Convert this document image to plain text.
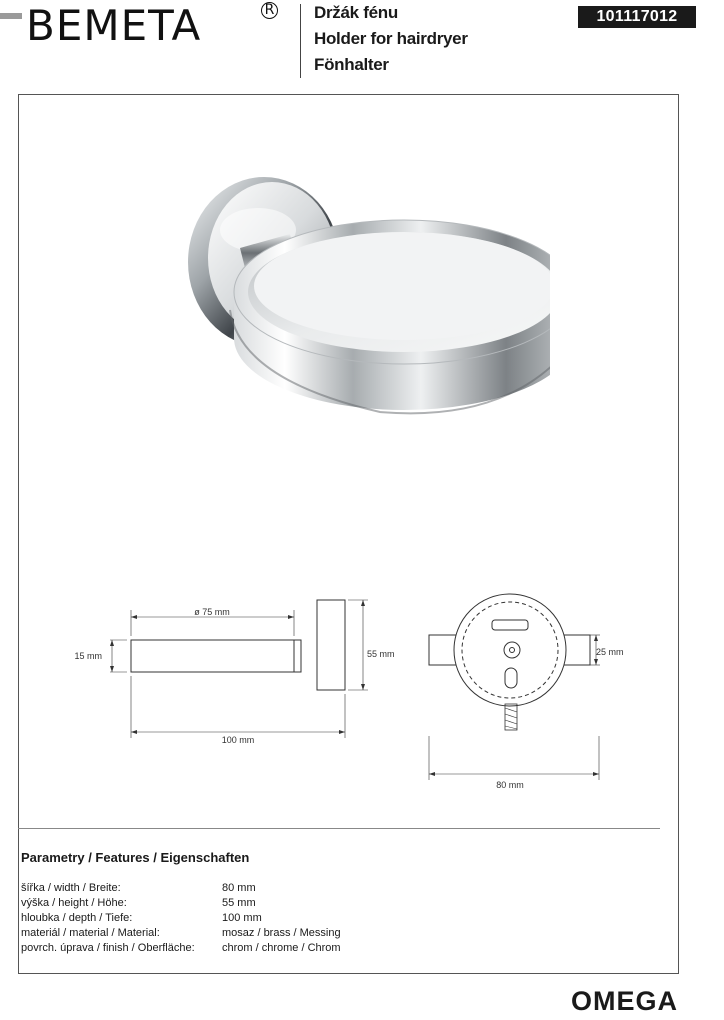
BEMETA	R Držák fénu
Holder for hairdryer
Fönhalter
101117012
ø 75 mm
15 mm	55 mm
100 mm
25 mm
80 mm
Parametry / Features / Eigenschaften
šířka / width / Breite:	80 mm
výška / height / Höhe:	55 mm
hloubka / depth / Tiefe:	100 mm
materiál / material / Material:	mosaz / brass / Messing
povrch. úprava / finish / Oberfläche: chrom / chrome / Chrom
OMEGA
